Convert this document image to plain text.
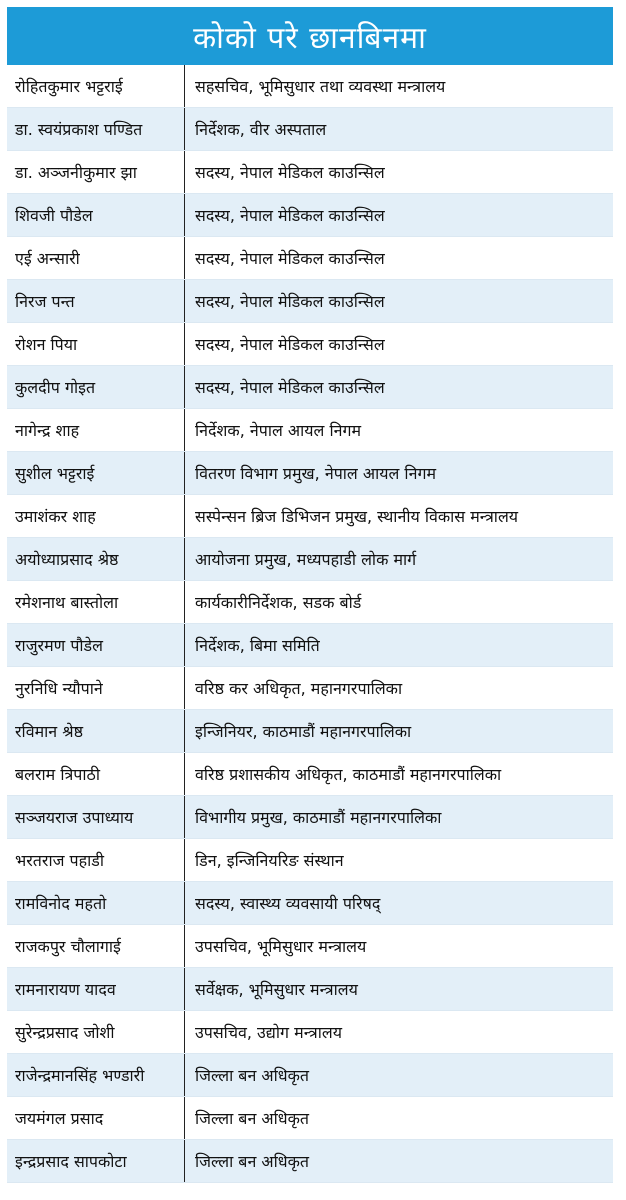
कोको परे छानबिनमा
रोहितकुमार भट्टराई	सहसचिव, भूमिसुधार तथा व्यवस्था मन्त्रालय
डा. स्वयंप्रकाश पण्डित	निर्देशक, वीर अस्पताल
डा. अञ्जनीकुमार झा	सदस्य, नेपाल मेडिकल काउन्सिल
शिवजी पौडेल	सदस्य, नेपाल मेडिकल काउन्सिल
एई अन्सारी	सदस्य, नेपाल मेडिकल काउन्सिल
निरज पन्त	सदस्य, नेपाल मेडिकल काउन्सिल
रोशन पिया	सदस्य, नेपाल मेडिकल काउन्सिल
कुलदीप गोइत	सदस्य, नेपाल मेडिकल काउन्सिल
नागेन्द्र शाह	निर्देशक, नेपाल आयल निगम
सुशील भट्टराई	वितरण विभाग प्रमुख, नेपाल आयल निगम
उमाशंकर शाह	सस्पेन्सन ब्रिज डिभिजन प्रमुख, स्थानीय विकास मन्त्रालय
अयोध्याप्रसाद श्रेष्ठ	आयोजना प्रमुख, मध्यपहाडी लोक मार्ग
रमेशनाथ बास्तोला	कार्यकारीनिर्देशक, सडक बोर्ड
राजुरमण पौडेल	निर्देशक, बिमा समिति
नुरनिधि न्यौपाने	वरिष्ठ कर अधिकृत, महानगरपालिका
रविमान श्रेष्ठ	इन्जिनियर, काठमाडौं महानगरपालिका
बलराम त्रिपाठी	वरिष्ठ प्रशासकीय अधिकृत, काठमाडौं महानगरपालिका
सञ्जयराज उपाध्याय	विभागीय प्रमुख, काठमाडौं महानगरपालिका
भरतराज पहाडी	डिन, इन्जिनियरिङ संस्थान
रामविनोद महतो	सदस्य, स्वास्थ्य व्यवसायी परिषद्
राजकपुर चौलागाई	उपसचिव, भूमिसुधार मन्त्रालय
रामनारायण यादव	सर्वेक्षक, भूमिसुधार मन्त्रालय
सुरेन्द्रप्रसाद जोशी	उपसचिव, उद्योग मन्त्रालय
राजेन्द्रमानसिंह भण्डारी	जिल्ला बन अधिकृत
जयमंगल प्रसाद	जिल्ला बन अधिकृत
इन्द्रप्रसाद सापकोटा	जिल्ला बन अधिकृत
